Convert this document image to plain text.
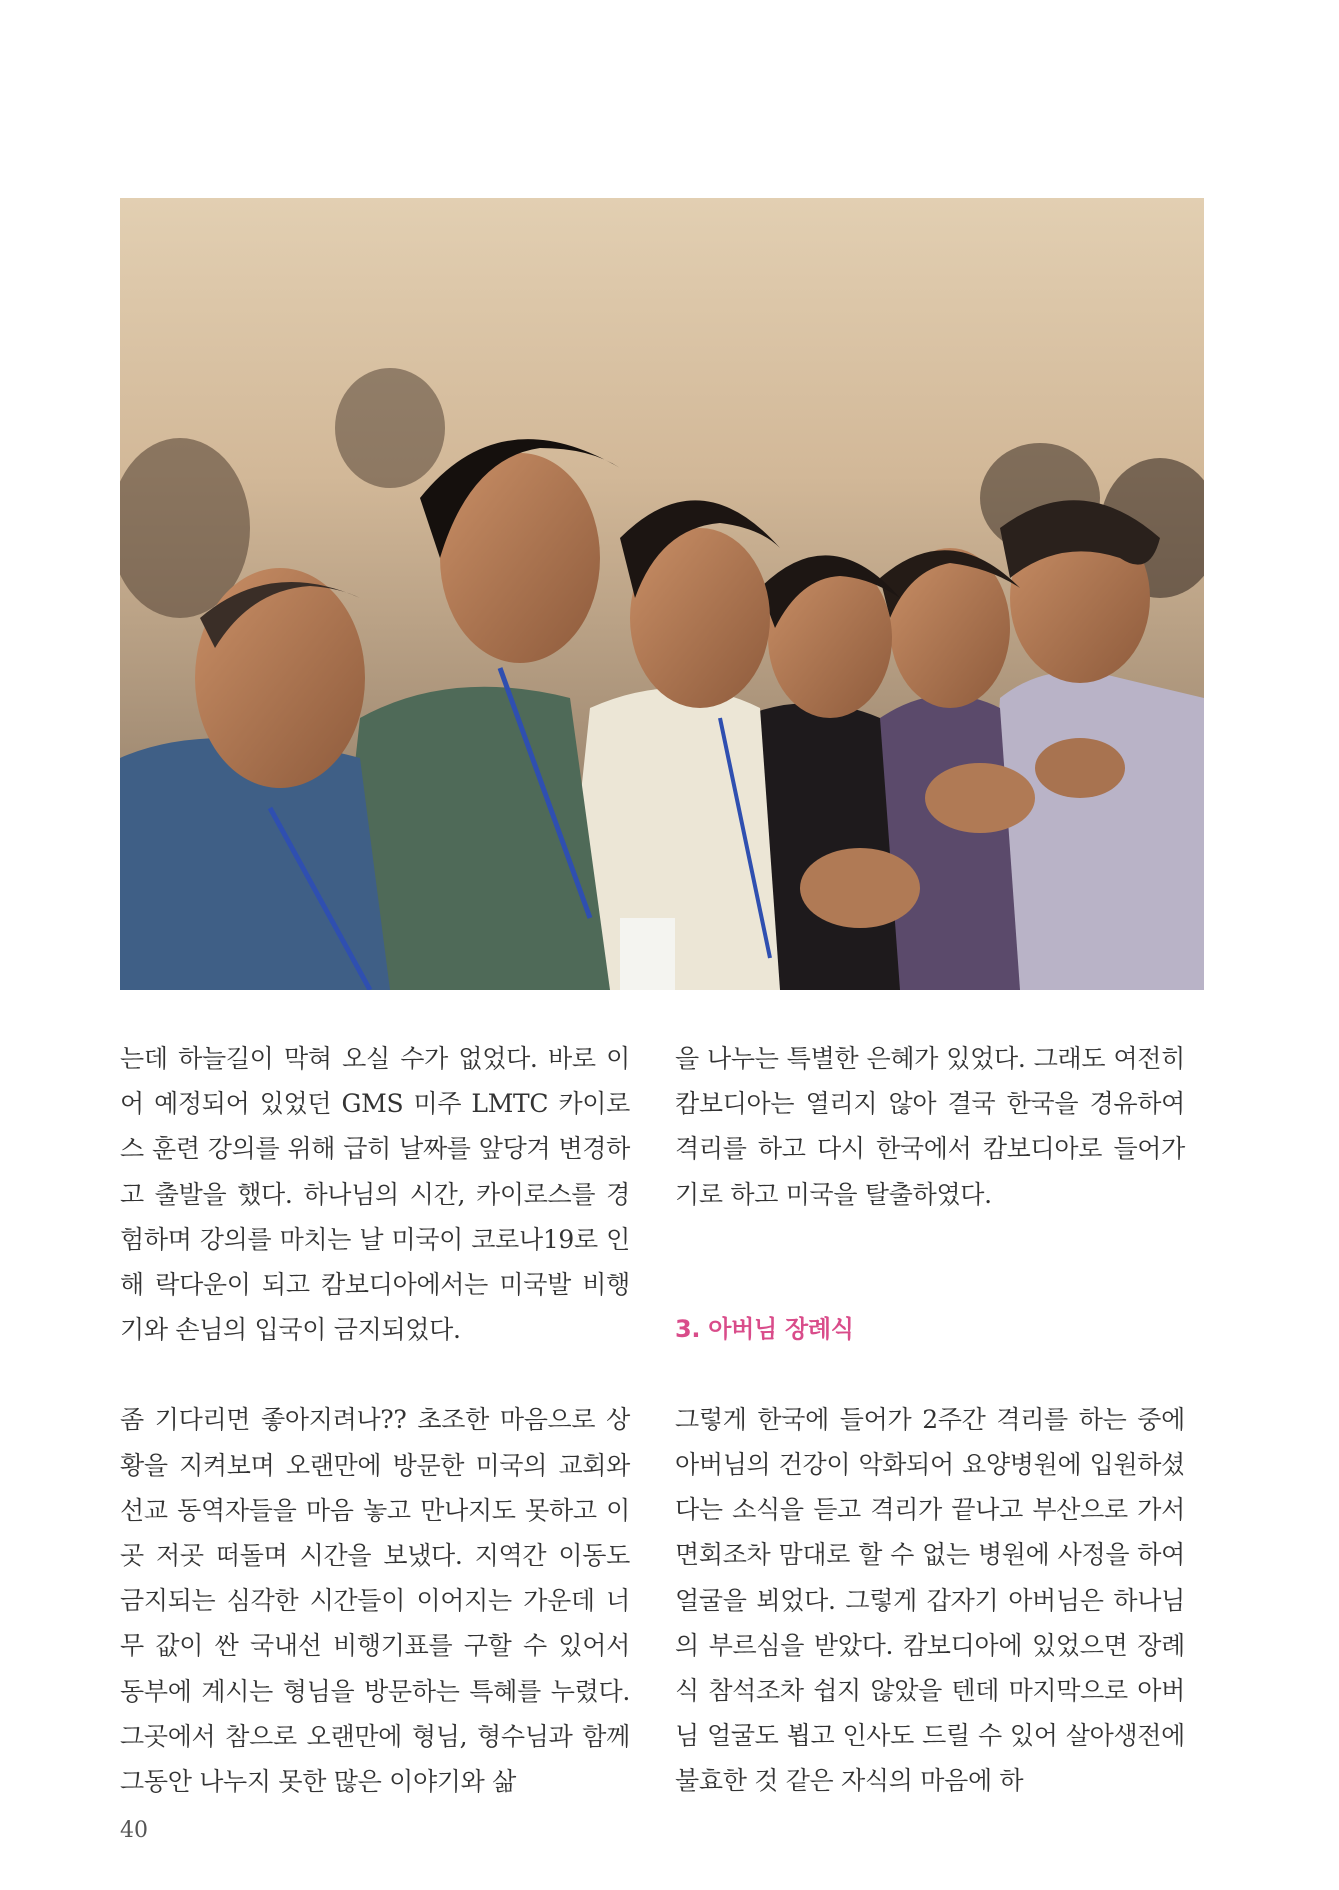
는데 하늘길이 막혀 오실 수가 없었다. 바로 이어 예정되어 있었던 GMS 미주 LMTC 카이로스 훈련 강의를 위해 급히 날짜를 앞당겨 변경하고 출발을 했다. 하나님의 시간, 카이로스를 경험하며 강의를 마치는 날 미국이 코로나19로 인해 락다운이 되고 캄보디아에서는 미국발 비행기와 손님의 입국이 금지되었다.

좀 기다리면 좋아지려나?? 초조한 마음으로 상황을 지켜보며 오랜만에 방문한 미국의 교회와 선교 동역자들을 마음 놓고 만나지도 못하고 이곳 저곳 떠돌며 시간을 보냈다. 지역간 이동도 금지되는 심각한 시간들이 이어지는 가운데 너무 값이 싼 국내선 비행기표를 구할 수 있어서 동부에 계시는 형님을 방문하는 특혜를 누렸다. 그곳에서 참으로 오랜만에 형님, 형수님과 함께 그동안 나누지 못한 많은 이야기와 삶

을 나누는 특별한 은혜가 있었다. 그래도 여전히 캄보디아는 열리지 않아 결국 한국을 경유하여 격리를 하고 다시 한국에서 캄보디아로 들어가기로 하고 미국을 탈출하였다.

3. 아버님 장례식

그렇게 한국에 들어가 2주간 격리를 하는 중에 아버님의 건강이 악화되어 요양병원에 입원하셨다는 소식을 듣고 격리가 끝나고 부산으로 가서 면회조차 맘대로 할 수 없는 병원에 사정을 하여 얼굴을 뵈었다. 그렇게 갑자기 아버님은 하나님의 부르심을 받았다. 캄보디아에 있었으면 장례식 참석조차 쉽지 않았을 텐데 마지막으로 아버님 얼굴도 뵙고 인사도 드릴 수 있어 살아생전에 불효한 것 같은 자식의 마음에 하

40
